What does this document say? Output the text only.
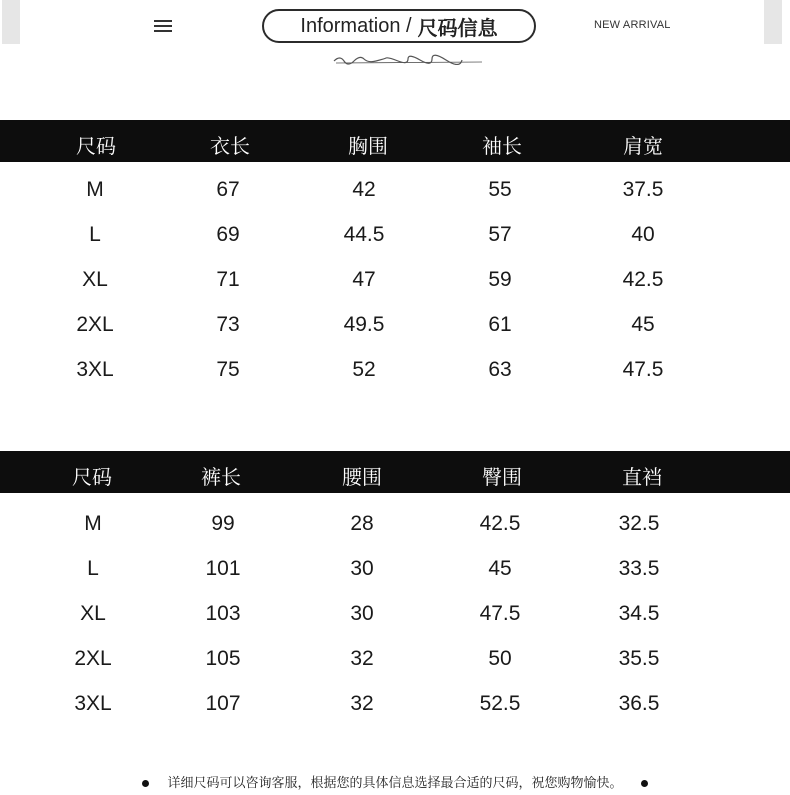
Information / 尺码信息	NEW ARRIVAL
尺码	衣长	胸围	袖长	肩宽
M	67	42	55	37.5
L	69	44.5	57	40
XL	71	47	59	42.5
2XL	73	49.5	61	45
3XL	75	52	63	47.5
尺码	裤长	腰围	臀围	直裆
M	99	28	42.5	32.5
L	101	30	45	33.5
XL	103	30	47.5	34.5
2XL	105	32	50	35.5
3XL	107	32	52.5	36.5
详细尺码可以咨询客服，根据您的具体信息选择最合适的尺码，祝您购物愉快。
